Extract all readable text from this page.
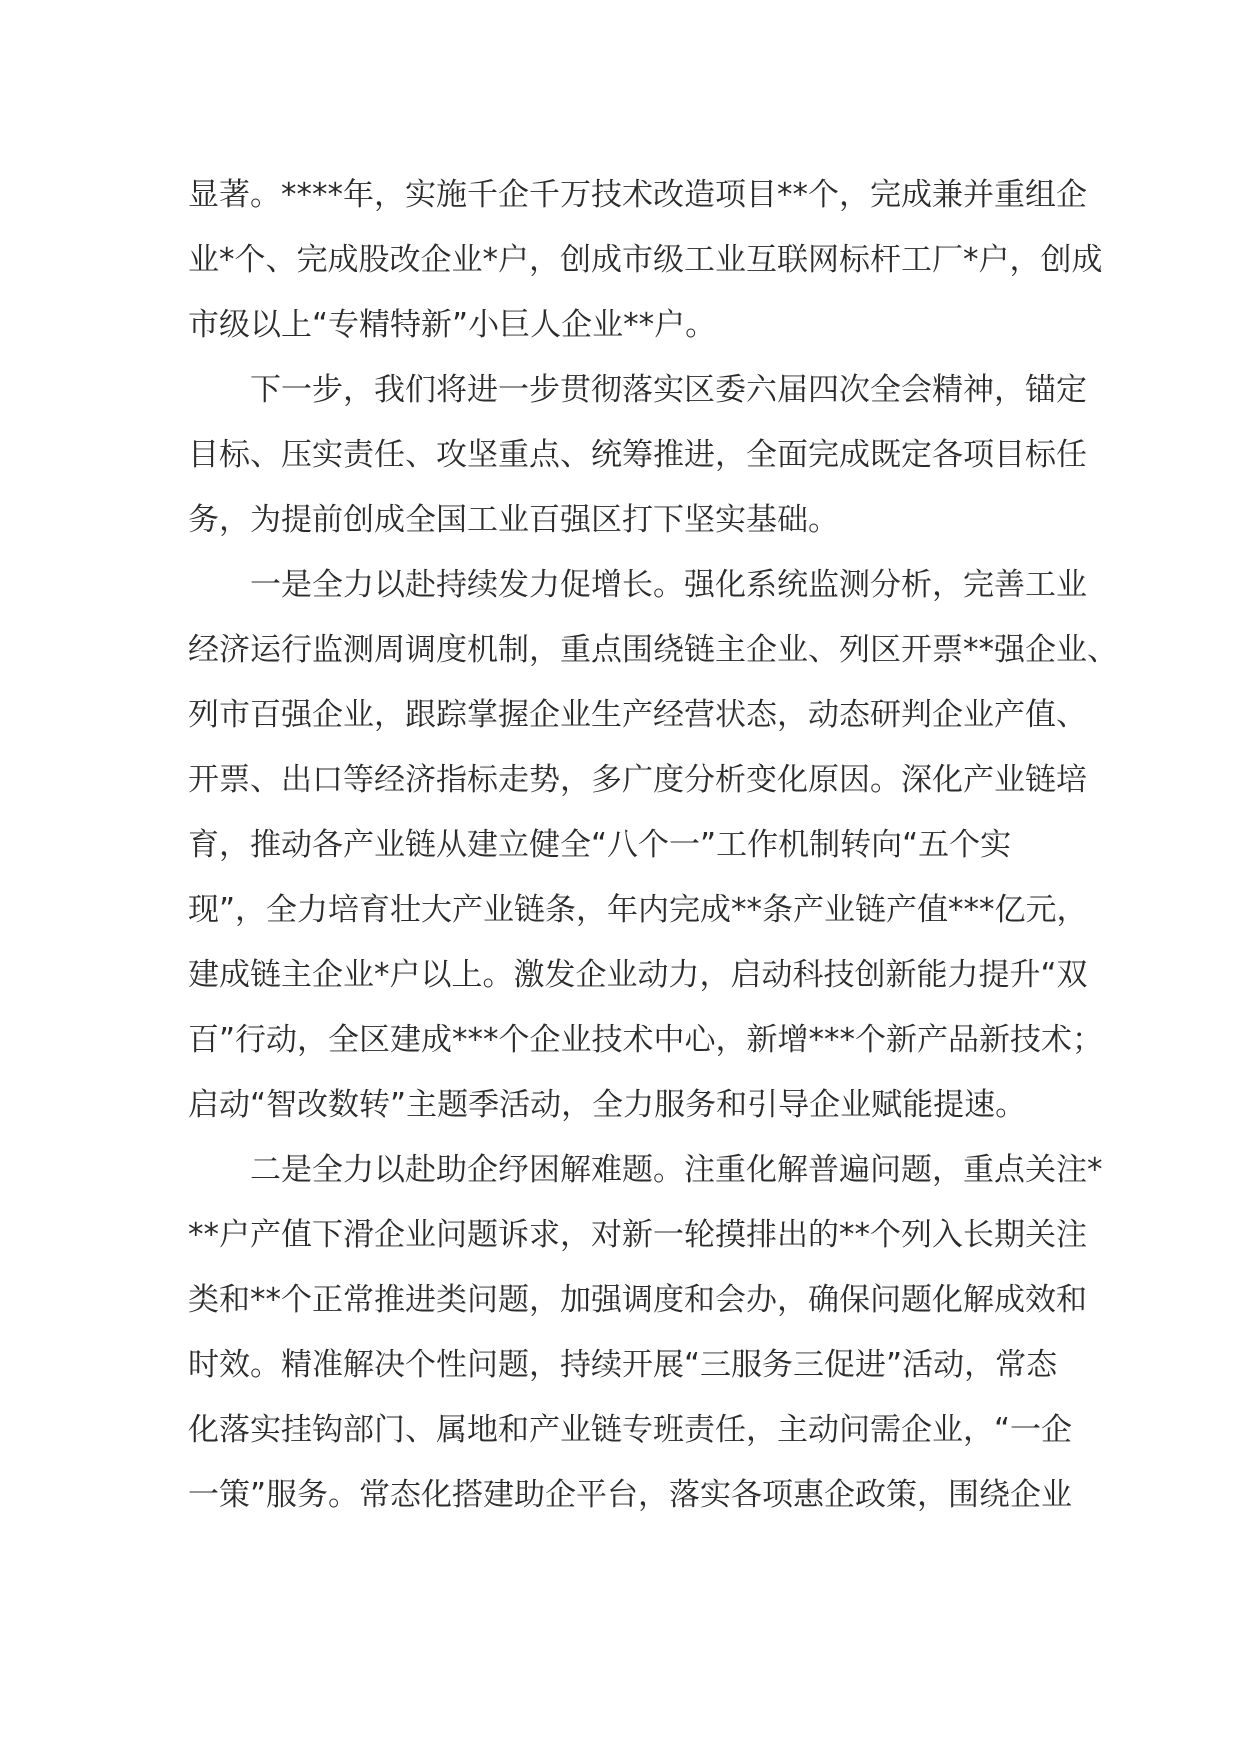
显著。****年，实施千企千万技术改造项目**个，完成兼并重组企
业*个、完成股改企业*户，创成市级工业互联网标杆工厂*户，创成
市级以上“专精特新”小巨人企业**户。

　　下一步，我们将进一步贯彻落实区委六届四次全会精神，锚定
目标、压实责任、攻坚重点、统筹推进，全面完成既定各项目标任
务，为提前创成全国工业百强区打下坚实基础。

　　一是全力以赴持续发力促增长。强化系统监测分析，完善工业
经济运行监测周调度机制，重点围绕链主企业、列区开票**强企业、
列市百强企业，跟踪掌握企业生产经营状态，动态研判企业产值、
开票、出口等经济指标走势，多广度分析变化原因。深化产业链培
育，推动各产业链从建立健全“八个一”工作机制转向“五个实
现”，全力培育壮大产业链条，年内完成**条产业链产值***亿元，
建成链主企业*户以上。激发企业动力，启动科技创新能力提升“双
百”行动，全区建成***个企业技术中心，新增***个新产品新技术；
启动“智改数转”主题季活动，全力服务和引导企业赋能提速。

　　二是全力以赴助企纾困解难题。注重化解普遍问题，重点关注*
**户产值下滑企业问题诉求，对新一轮摸排出的**个列入长期关注
类和**个正常推进类问题，加强调度和会办，确保问题化解成效和
时效。精准解决个性问题，持续开展“三服务三促进”活动，常态
化落实挂钩部门、属地和产业链专班责任，主动问需企业，“一企
一策”服务。常态化搭建助企平台，落实各项惠企政策，围绕企业
